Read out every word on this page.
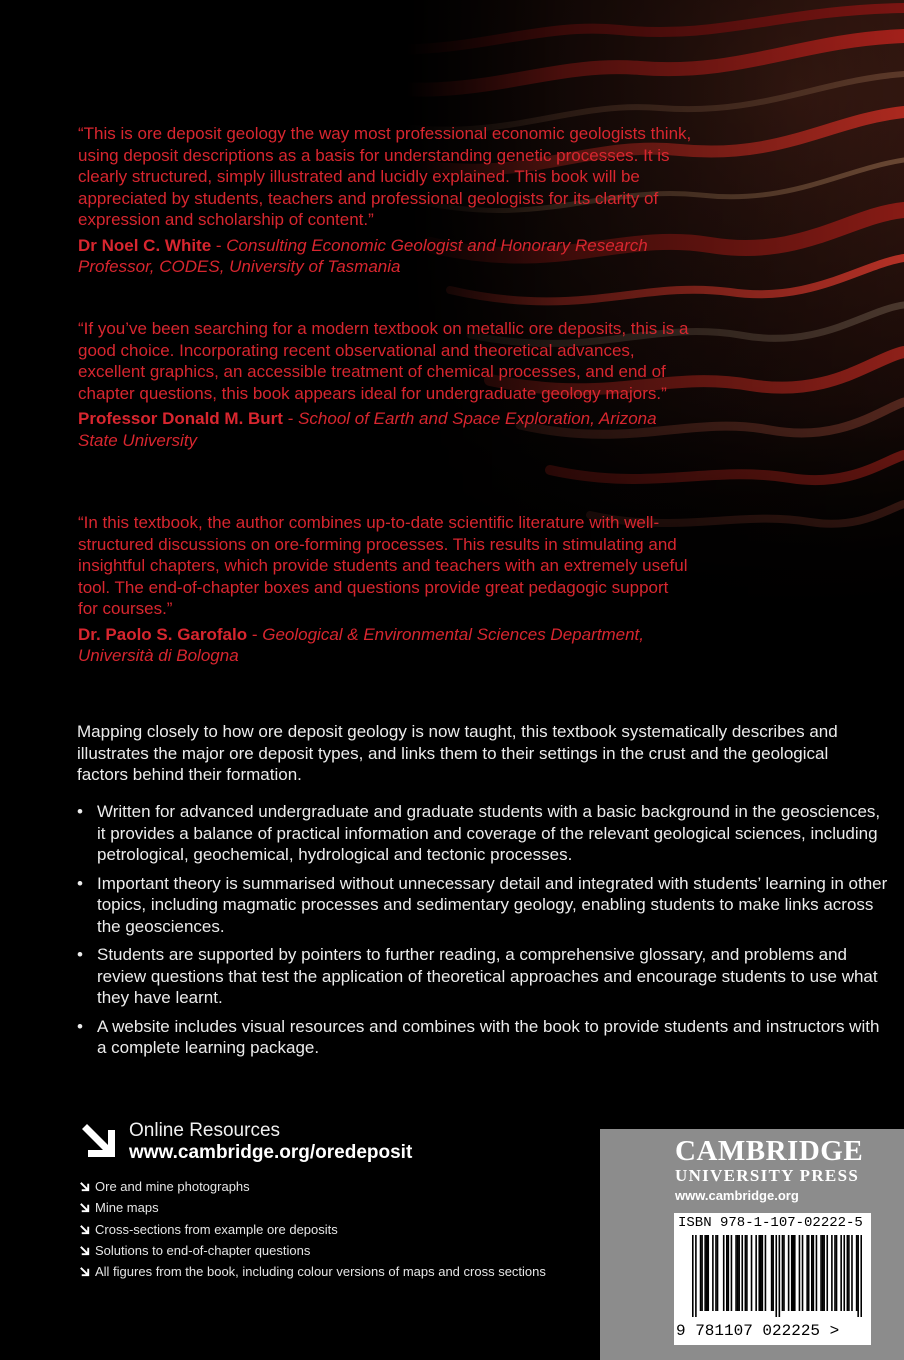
“This is ore deposit geology the way most professional economic geologists think, using deposit descriptions as a basis for understanding genetic processes. It is clearly structured, simply illustrated and lucidly explained. This book will be appreciated by students, teachers and professional geologists for its clarity of expression and scholarship of content.”

Dr Noel C. White - Consulting Economic Geologist and Honorary Research Professor, CODES, University of Tasmania

“If you’ve been searching for a modern textbook on metallic ore deposits, this is a good choice. Incorporating recent observational and theoretical advances, excellent graphics, an accessible treatment of chemical processes, and end of chapter questions, this book appears ideal for undergraduate geology majors.”

Professor Donald M. Burt - School of Earth and Space Exploration, Arizona State University

“In this textbook, the author combines up-to-date scientific literature with well-structured discussions on ore-forming processes. This results in stimulating and insightful chapters, which provide students and teachers with an extremely useful tool. The end-of-chapter boxes and questions provide great pedagogic support for courses.”

Dr. Paolo S. Garofalo - Geological & Environmental Sciences Department, Università di Bologna

Mapping closely to how ore deposit geology is now taught, this textbook systematically describes and illustrates the major ore deposit types, and links them to their settings in the crust and the geological factors behind their formation.
• Written for advanced undergraduate and graduate students with a basic background in the geosciences, it provides a balance of practical information and coverage of the relevant geological sciences, including petrological, geochemical, hydrological and tectonic processes.
• Important theory is summarised without unnecessary detail and integrated with students’ learning in other topics, including magmatic processes and sedimentary geology, enabling students to make links across the geosciences.
• Students are supported by pointers to further reading, a comprehensive glossary, and problems and review questions that test the application of theoretical approaches and encourage students to use what they have learnt.
• A website includes visual resources and combines with the book to provide students and instructors with a complete learning package.
Online Resources
www.cambridge.org/oredeposit
Ore and mine photographs
Mine maps
Cross-sections from example ore deposits
Solutions to end-of-chapter questions
All figures from the book, including colour versions of maps and cross sections
CAMBRIDGE
UNIVERSITY PRESS
www.cambridge.org
ISBN 978-1-107-02222-5
9 781107 022225 >
